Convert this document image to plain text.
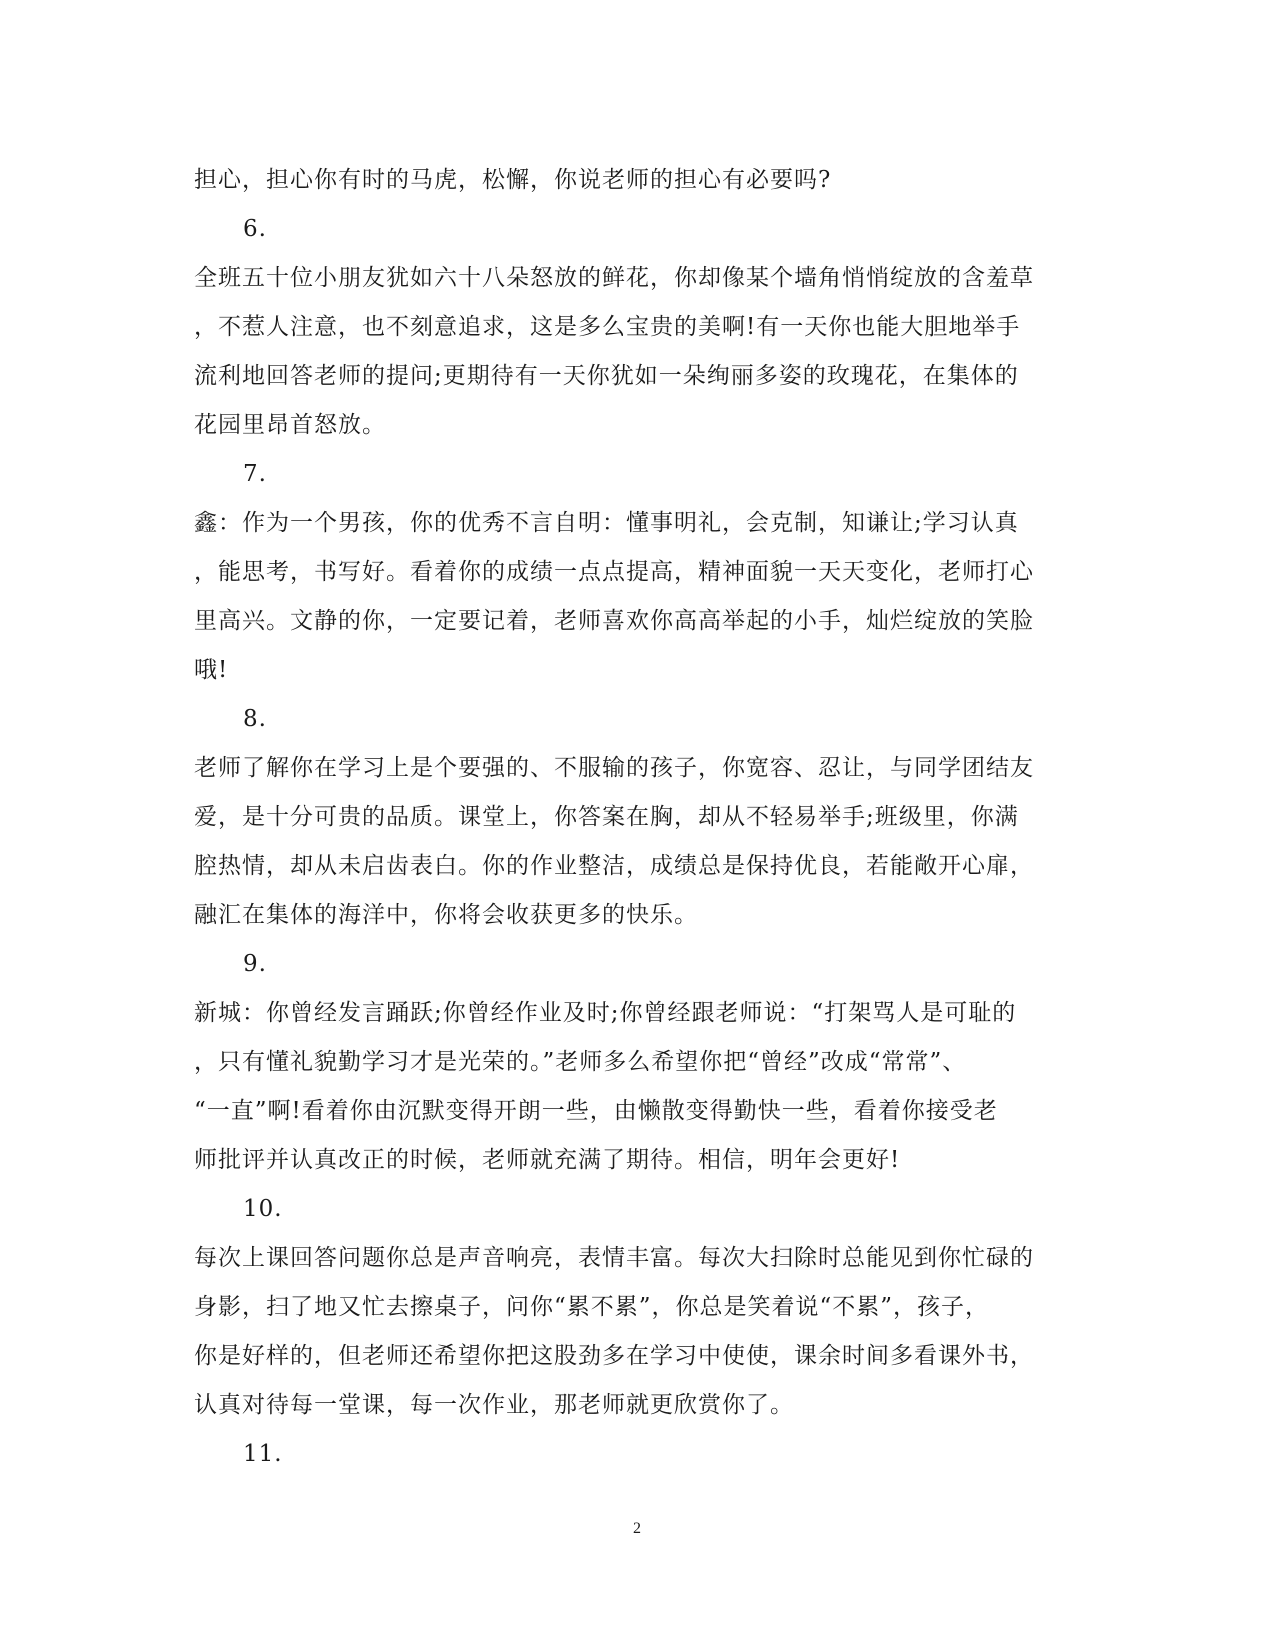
担心，担心你有时的马虎，松懈，你说老师的担心有必要吗?
6.
全班五十位小朋友犹如六十八朵怒放的鲜花，你却像某个墙角悄悄绽放的含羞草
，不惹人注意，也不刻意追求，这是多么宝贵的美啊!有一天你也能大胆地举手
流利地回答老师的提问;更期待有一天你犹如一朵绚丽多姿的玫瑰花，在集体的
花园里昂首怒放。
7.
鑫：作为一个男孩，你的优秀不言自明：懂事明礼，会克制，知谦让;学习认真
，能思考，书写好。看着你的成绩一点点提高，精神面貌一天天变化，老师打心
里高兴。文静的你，一定要记着，老师喜欢你高高举起的小手，灿烂绽放的笑脸
哦!
8.
老师了解你在学习上是个要强的、不服输的孩子，你宽容、忍让，与同学团结友
爱，是十分可贵的品质。课堂上，你答案在胸，却从不轻易举手;班级里，你满
腔热情，却从未启齿表白。你的作业整洁，成绩总是保持优良，若能敞开心扉，
融汇在集体的海洋中，你将会收获更多的快乐。
9.
新城：你曾经发言踊跃;你曾经作业及时;你曾经跟老师说：“打架骂人是可耻的
，只有懂礼貌勤学习才是光荣的。”老师多么希望你把“曾经”改成“常常”、
“一直”啊!看着你由沉默变得开朗一些，由懒散变得勤快一些，看着你接受老
师批评并认真改正的时候，老师就充满了期待。相信，明年会更好!
10.
每次上课回答问题你总是声音响亮，表情丰富。每次大扫除时总能见到你忙碌的
身影，扫了地又忙去擦桌子，问你“累不累”，你总是笑着说“不累”，孩子，
你是好样的，但老师还希望你把这股劲多在学习中使使，课余时间多看课外书，
认真对待每一堂课，每一次作业，那老师就更欣赏你了。
11.
2
